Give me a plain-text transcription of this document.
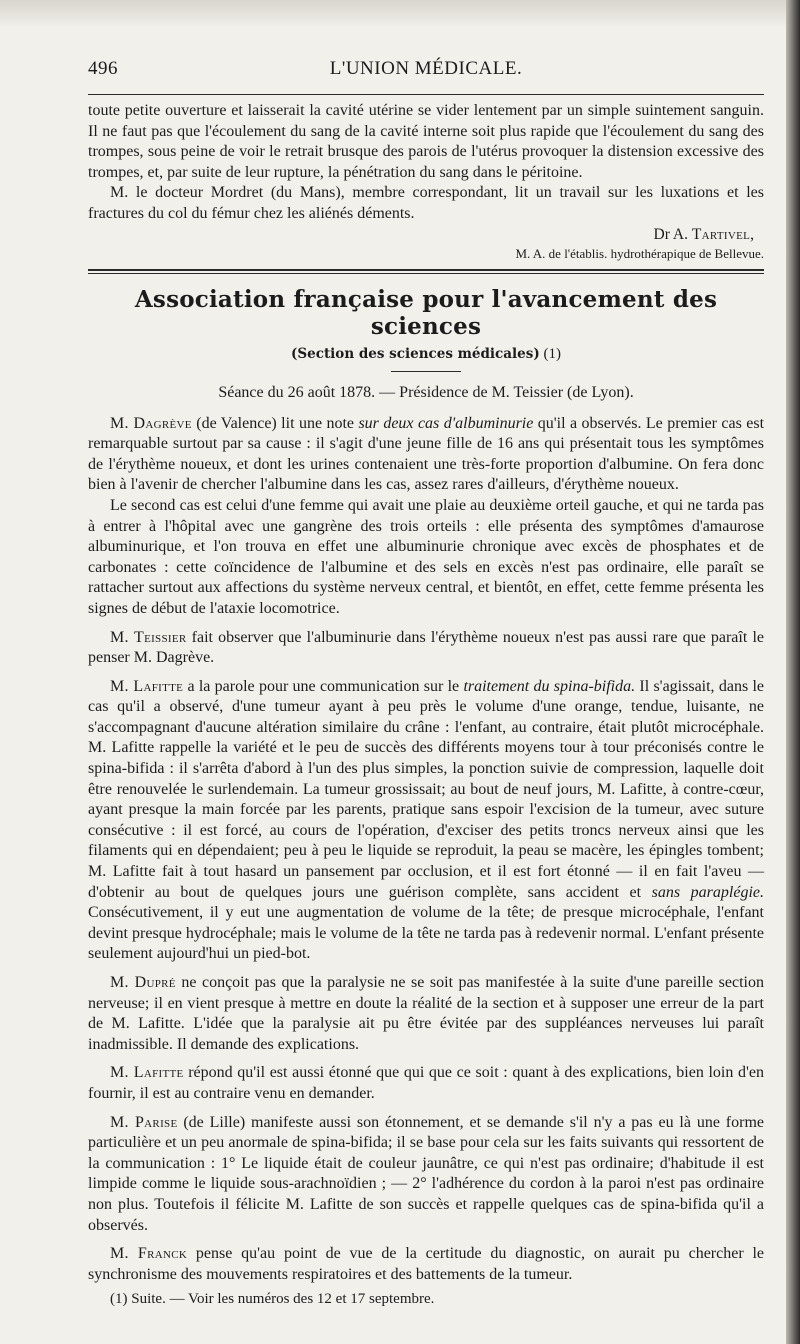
496	L'UNION MÉDICALE.

toute petite ouverture et laisserait la cavité utérine se vider lentement par un simple suintement sanguin. Il ne faut pas que l'écoulement du sang de la cavité interne soit plus rapide que l'écoulement du sang des trompes, sous peine de voir le retrait brusque des parois de l'utérus provoquer la distension excessive des trompes, et, par suite de leur rupture, la pénétration du sang dans le péritoine.

M. le docteur Mordret (du Mans), membre correspondant, lit un travail sur les luxations et les fractures du col du fémur chez les aliénés déments.

Dr A. Tartivel,

M. A. de l'établis. hydrothérapique de Bellevue.

Association française pour l'avancement des sciences
(Section des sciences médicales) (1)
Séance du 26 août 1878. — Présidence de M. Teissier (de Lyon).

M. Dagrève (de Valence) lit une note sur deux cas d'albuminurie qu'il a observés. Le premier cas est remarquable surtout par sa cause : il s'agit d'une jeune fille de 16 ans qui présentait tous les symptômes de l'érythème noueux, et dont les urines contenaient une très-forte proportion d'albumine. On fera donc bien à l'avenir de chercher l'albumine dans les cas, assez rares d'ailleurs, d'érythème noueux.

Le second cas est celui d'une femme qui avait une plaie au deuxième orteil gauche, et qui ne tarda pas à entrer à l'hôpital avec une gangrène des trois orteils : elle présenta des symptômes d'amaurose albuminurique, et l'on trouva en effet une albuminurie chronique avec excès de phosphates et de carbonates : cette coïncidence de l'albumine et des sels en excès n'est pas ordinaire, elle paraît se rattacher surtout aux affections du système nerveux central, et bientôt, en effet, cette femme présenta les signes de début de l'ataxie locomotrice.

M. Teissier fait observer que l'albuminurie dans l'érythème noueux n'est pas aussi rare que paraît le penser M. Dagrève.

M. Lafitte a la parole pour une communication sur le traitement du spina-bifida. Il s'agissait, dans le cas qu'il a observé, d'une tumeur ayant à peu près le volume d'une orange, tendue, luisante, ne s'accompagnant d'aucune altération similaire du crâne : l'enfant, au contraire, était plutôt microcéphale. M. Lafitte rappelle la variété et le peu de succès des différents moyens tour à tour préconisés contre le spina-bifida : il s'arrêta d'abord à l'un des plus simples, la ponction suivie de compression, laquelle doit être renouvelée le surlendemain. La tumeur grossissait; au bout de neuf jours, M. Lafitte, à contre-cœur, ayant presque la main forcée par les parents, pratique sans espoir l'excision de la tumeur, avec suture consécutive : il est forcé, au cours de l'opération, d'exciser des petits troncs nerveux ainsi que les filaments qui en dépendaient; peu à peu le liquide se reproduit, la peau se macère, les épingles tombent; M. Lafitte fait à tout hasard un pansement par occlusion, et il est fort étonné — il en fait l'aveu — d'obtenir au bout de quelques jours une guérison complète, sans accident et sans paraplégie. Consécutivement, il y eut une augmentation de volume de la tête; de presque microcéphale, l'enfant devint presque hydrocéphale; mais le volume de la tête ne tarda pas à redevenir normal. L'enfant présente seulement aujourd'hui un pied-bot.

M. Dupré ne conçoit pas que la paralysie ne se soit pas manifestée à la suite d'une pareille section nerveuse; il en vient presque à mettre en doute la réalité de la section et à supposer une erreur de la part de M. Lafitte. L'idée que la paralysie ait pu être évitée par des suppléances nerveuses lui paraît inadmissible. Il demande des explications.

M. Lafitte répond qu'il est aussi étonné que qui que ce soit : quant à des explications, bien loin d'en fournir, il est au contraire venu en demander.

M. Parise (de Lille) manifeste aussi son étonnement, et se demande s'il n'y a pas eu là une forme particulière et un peu anormale de spina-bifida; il se base pour cela sur les faits suivants qui ressortent de la communication : 1° Le liquide était de couleur jaunâtre, ce qui n'est pas ordinaire; d'habitude il est limpide comme le liquide sous-arachnoïdien ; — 2° l'adhérence du cordon à la paroi n'est pas ordinaire non plus. Toutefois il félicite M. Lafitte de son succès et rappelle quelques cas de spina-bifida qu'il a observés.

M. Franck pense qu'au point de vue de la certitude du diagnostic, on aurait pu chercher le synchronisme des mouvements respiratoires et des battements de la tumeur.

(1) Suite. — Voir les numéros des 12 et 17 septembre.
